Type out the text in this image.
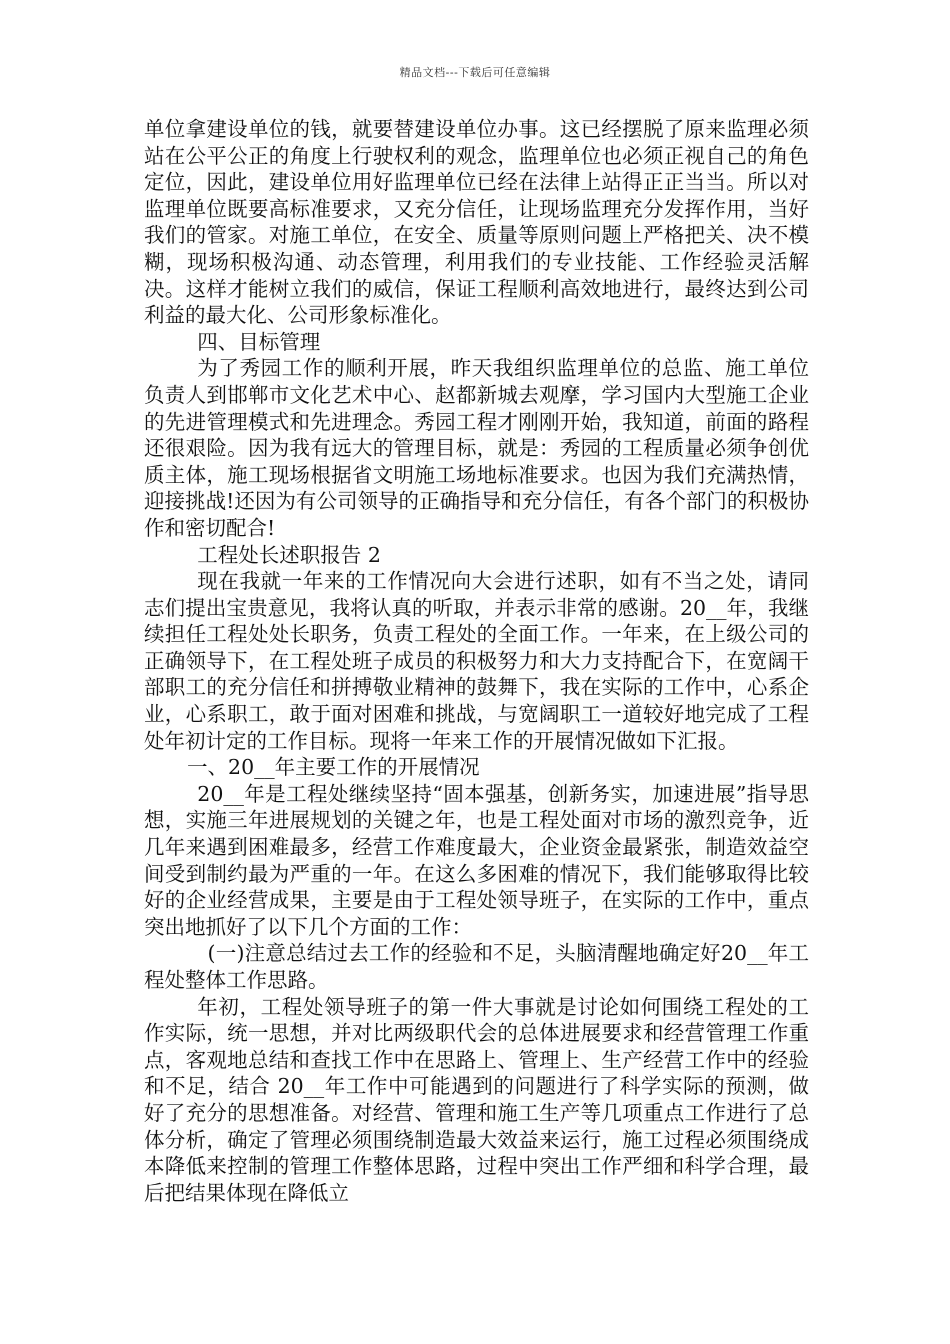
精品文档---下载后可任意编辑

单位拿建设单位的钱，就要替建设单位办事。这已经摆脱了原来监理必须站在公平公正的角度上行驶权利的观念，监理单位也必须正视自己的角色定位，因此，建设单位用好监理单位已经在法律上站得正正当当。所以对监理单位既要高标准要求，又充分信任，让现场监理充分发挥作用，当好我们的管家。对施工单位，在安全、质量等原则问题上严格把关、决不模糊，现场积极沟通、动态管理，利用我们的专业技能、工作经验灵活解决。这样才能树立我们的威信，保证工程顺利高效地进行，最终达到公司利益的最大化、公司形象标准化。

四、目标管理

为了秀园工作的顺利开展，昨天我组织监理单位的总监、施工单位负责人到邯郸市文化艺术中心、赵都新城去观摩，学习国内大型施工企业的先进管理模式和先进理念。秀园工程才刚刚开始，我知道，前面的路程还很艰险。因为我有远大的管理目标，就是：秀园的工程质量必须争创优质主体，施工现场根据省文明施工场地标准要求。也因为我们充满热情，迎接挑战!还因为有公司领导的正确指导和充分信任，有各个部门的积极协作和密切配合!

工程处长述职报告 2

现在我就一年来的工作情况向大会进行述职，如有不当之处，请同志们提出宝贵意见，我将认真的听取，并表示非常的感谢。20__年，我继续担任工程处处长职务，负责工程处的全面工作。一年来，在上级公司的正确领导下，在工程处班子成员的积极努力和大力支持配合下，在宽阔干部职工的充分信任和拼搏敬业精神的鼓舞下，我在实际的工作中，心系企业，心系职工，敢于面对困难和挑战，与宽阔职工一道较好地完成了工程处年初计定的工作目标。现将一年来工作的开展情况做如下汇报。

一、20__年主要工作的开展情况

20__年是工程处继续坚持“固本强基，创新务实，加速进展”指导思想，实施三年进展规划的关键之年，也是工程处面对市场的激烈竞争，近几年来遇到困难最多，经营工作难度最大，企业资金最紧张，制造效益空间受到制约最为严重的一年。在这么多困难的情况下，我们能够取得比较好的企业经营成果，主要是由于工程处领导班子，在实际的工作中，重点突出地抓好了以下几个方面的工作：

(一)注意总结过去工作的经验和不足，头脑清醒地确定好20__年工程处整体工作思路。

年初，工程处领导班子的第一件大事就是讨论如何围绕工程处的工作实际，统一思想，并对比两级职代会的总体进展要求和经营管理工作重点，客观地总结和查找工作中在思路上、管理上、生产经营工作中的经验和不足，结合 20__年工作中可能遇到的问题进行了科学实际的预测，做好了充分的思想准备。对经营、管理和施工生产等几项重点工作进行了总体分析，确定了管理必须围绕制造最大效益来运行，施工过程必须围绕成本降低来控制的管理工作整体思路，过程中突出工作严细和科学合理，最后把结果体现在降低立
